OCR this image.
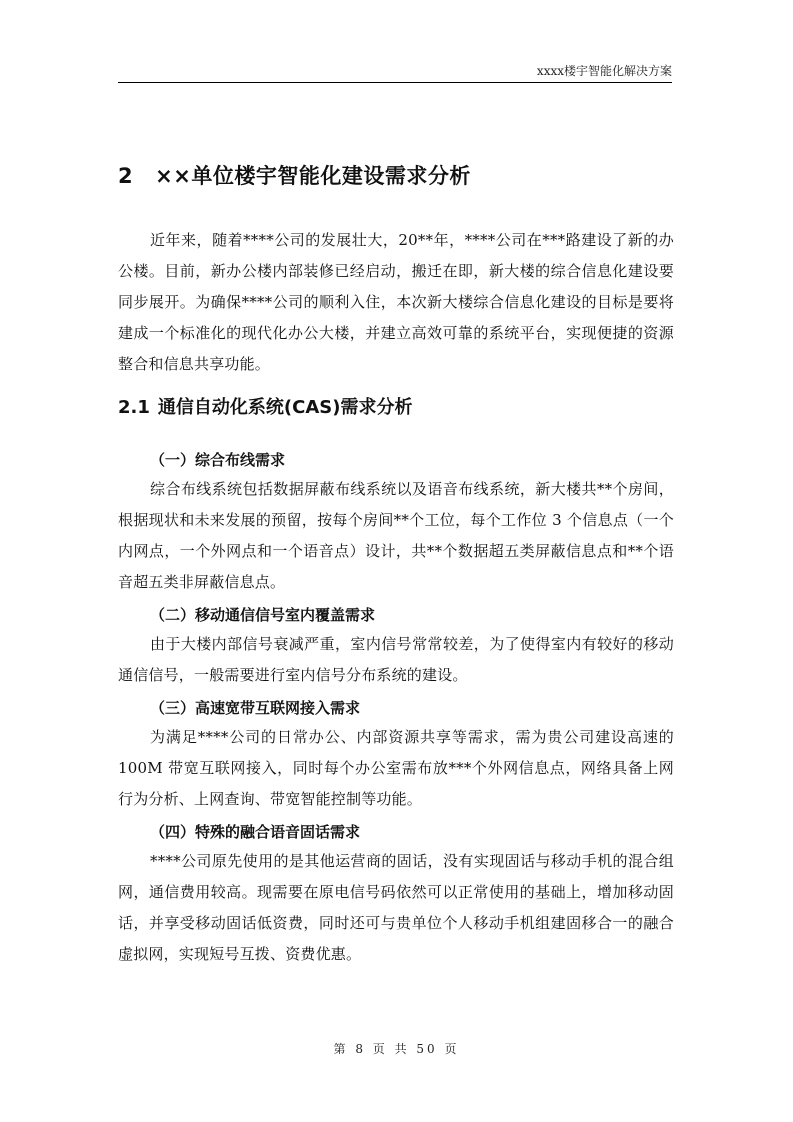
xxxx楼宇智能化解决方案
2 ××单位楼宇智能化建设需求分析
近年来，随着****公司的发展壮大，20**年，****公司在***路建设了新的办公楼。目前，新办公楼内部装修已经启动，搬迁在即，新大楼的综合信息化建设要同步展开。为确保****公司的顺利入住，本次新大楼综合信息化建设的目标是要将建成一个标准化的现代化办公大楼，并建立高效可靠的系统平台，实现便捷的资源整合和信息共享功能。
2.1 通信自动化系统(CAS)需求分析
（一）综合布线需求
综合布线系统包括数据屏蔽布线系统以及语音布线系统，新大楼共**个房间，根据现状和未来发展的预留，按每个房间**个工位，每个工作位 3 个信息点（一个内网点，一个外网点和一个语音点）设计，共**个数据超五类屏蔽信息点和**个语音超五类非屏蔽信息点。
（二）移动通信信号室内覆盖需求
由于大楼内部信号衰减严重，室内信号常常较差，为了使得室内有较好的移动通信信号，一般需要进行室内信号分布系统的建设。
（三）高速宽带互联网接入需求
为满足****公司的日常办公、内部资源共享等需求，需为贵公司建设高速的100M 带宽互联网接入，同时每个办公室需布放***个外网信息点，网络具备上网行为分析、上网查询、带宽智能控制等功能。
（四）特殊的融合语音固话需求
****公司原先使用的是其他运营商的固话，没有实现固话与移动手机的混合组网，通信费用较高。现需要在原电信号码依然可以正常使用的基础上，增加移动固话，并享受移动固话低资费，同时还可与贵单位个人移动手机组建固移合一的融合虚拟网，实现短号互拨、资费优惠。
第 8 页 共 50 页
